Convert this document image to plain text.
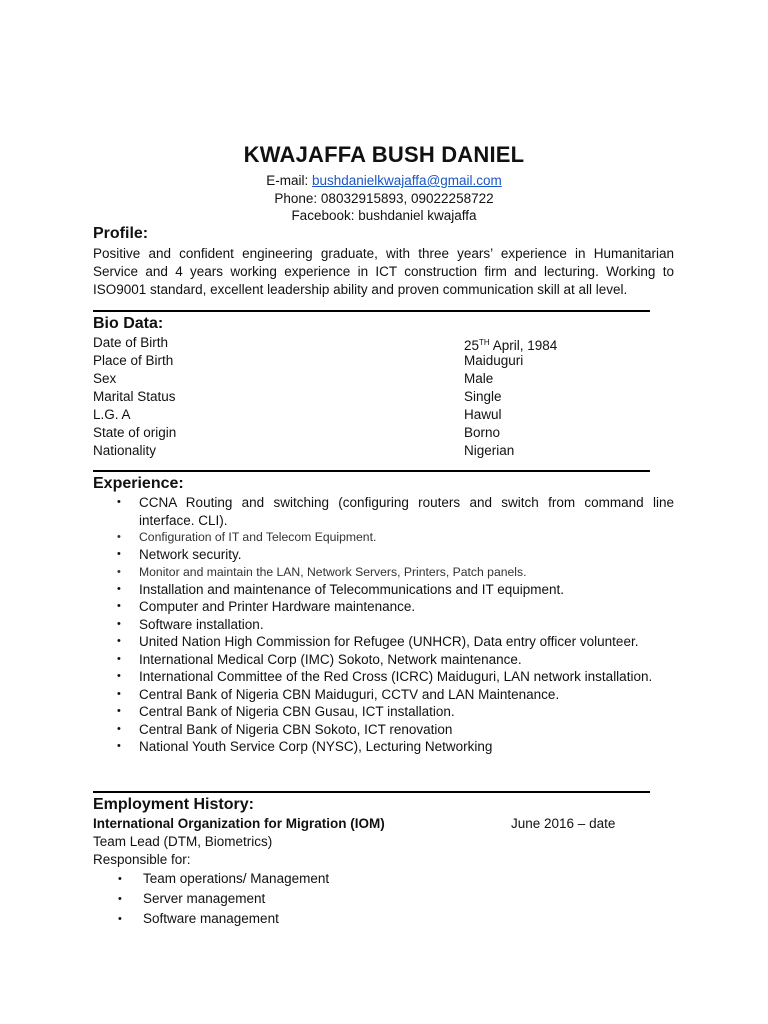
KWAJAFFA BUSH DANIEL
E-mail: bushdanielkwajaffa@gmail.com
Phone: 08032915893, 09022258722
Facebook: bushdaniel kwajaffa
Profile:
Positive and confident engineering graduate, with three years’ experience in Humanitarian Service and 4 years working experience in ICT construction firm and lecturing. Working to ISO9001 standard, excellent leadership ability and proven communication skill at all level.
Bio Data:
Date of Birth	25TH April, 1984
Place of Birth	Maiduguri
Sex	Male
Marital Status	Single
L.G. A	Hawul
State of origin	Borno
Nationality	Nigerian
Experience:
• CCNA Routing and switching (configuring routers and switch from command line interface. CLI).
• Configuration of IT and Telecom Equipment.
• Network security.
• Monitor and maintain the LAN, Network Servers, Printers, Patch panels.
• Installation and maintenance of Telecommunications and IT equipment.
• Computer and Printer Hardware maintenance.
• Software installation.
• United Nation High Commission for Refugee (UNHCR), Data entry officer volunteer.
• International Medical Corp (IMC) Sokoto, Network maintenance.
• International Committee of the Red Cross (ICRC) Maiduguri, LAN network installation.
• Central Bank of Nigeria CBN Maiduguri, CCTV and LAN Maintenance.
• Central Bank of Nigeria CBN Gusau, ICT installation.
• Central Bank of Nigeria CBN Sokoto, ICT renovation
• National Youth Service Corp (NYSC), Lecturing Networking
Employment History:
International Organization for Migration (IOM)	June 2016 – date
Team Lead (DTM, Biometrics)
Responsible for:
• Team operations/ Management
• Server management
• Software management
